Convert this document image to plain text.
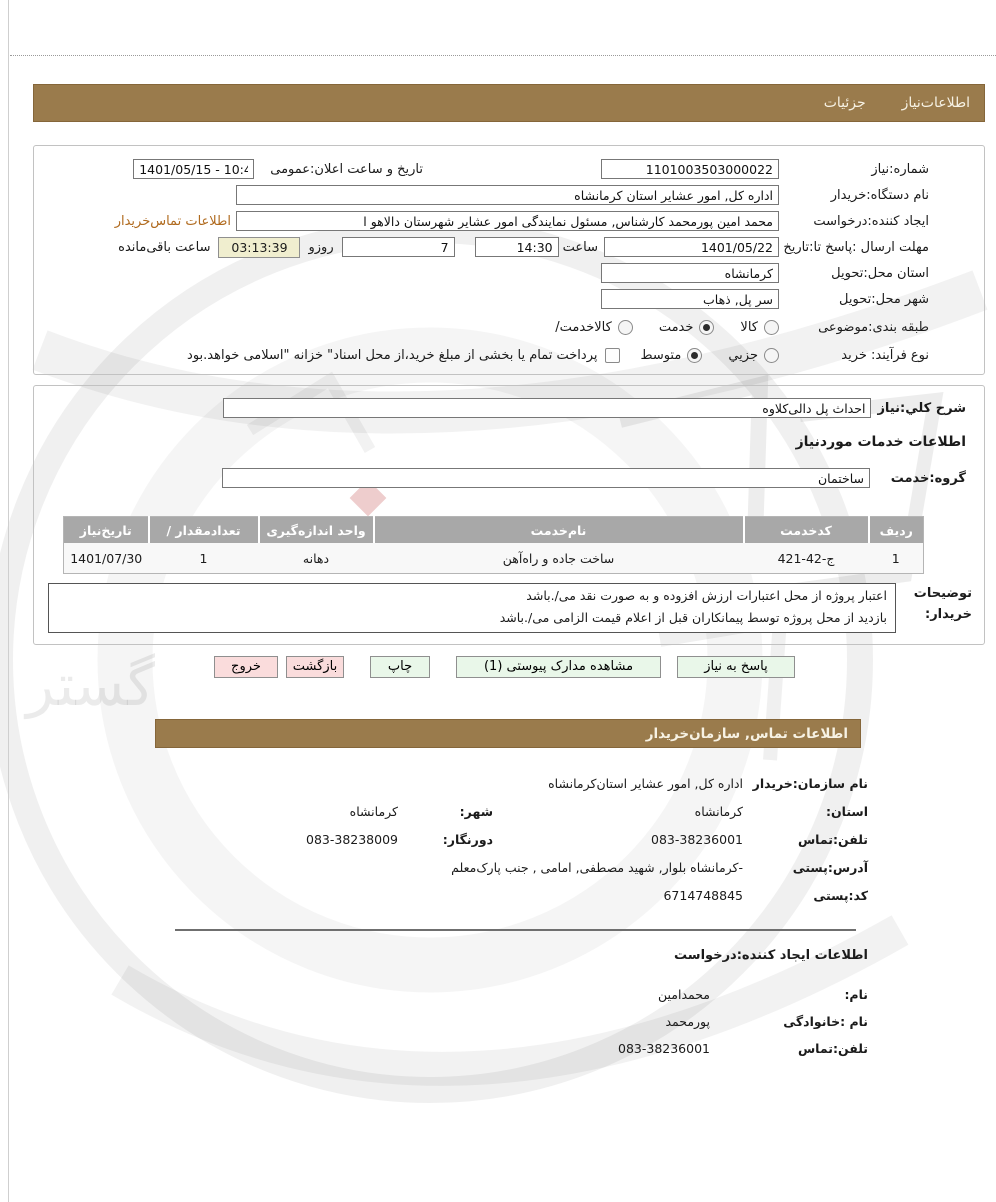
گستر
اطلاعات‌نیاز
جزئیات
شماره:نیاز
1101003503000022
تاریخ و ساعت اعلان:عمومی
1401/05/15 - 10:49
نام دستگاه:خریدار
اداره کل, امور عشایر استان کرمانشاه
ایجاد کننده:درخواست
محمد امین پورمحمد کارشناس, مسئول نمایندگی امور عشایر شهرستان دالاهو ا
اطلاعات تماس‌خریدار
مهلت ارسال :پاسخ تا:تاریخ
1401/05/22
ساعت
14:30
7
روزو
03:13:39
ساعت باقی‌مانده
استان محل:تحویل
کرمانشاه
شهر محل:تحویل
سر پل, ذهاب
طبقه بندی:موضوعی
کالا
خدمت
کالاخدمت/
نوع فرآیند: خرید
جزيي
متوسط
پرداخت تمام یا بخشی از مبلغ خرید،از محل اسناد" خزانه "اسلامی خواهد.بود
شرح کلي:نیاز
احداث پل دالی‌کلاوه
اطلاعات خدمات موردنیاز
گروه:خدمت
ساختمان
ردیف	کدخدمت	نام‌خدمت	واحد اندازه‌گیری	تعدادمقدار /	تاریخ‌نیاز
1	ج-42-421	ساخت جاده و راه‌آهن	دهانه	1	1401/07/30
توضیحات
خریدار:
اعتبار پروژه از محل اعتبارات ارزش افزوده و به صورت نقد می/.باشد
بازدید از محل پروژه توسط پیمانکاران قبل از اعلام قیمت الزامی می/.باشد
پاسخ به نیاز
مشاهده مدارک پیوستی (1)
چاپ
بازگشت
خروج
اطلاعات تماس, سازمان‌خریدار
نام سازمان:خریدار
اداره کل, امور عشایر استان‌کرمانشاه
استان:
کرمانشاه
شهر:
کرمانشاه
تلفن:تماس
083-38236001
دورنگار:
083-38238009
آدرس:پستی
-کرمانشاه بلوار, شهید مصطفی, امامی , جنب پارک‌معلم
کد:پستی
6714748845
اطلاعات ایجاد کننده:درخواست
نام:
محمدامین
نام :خانوادگی
پورمحمد
تلفن:تماس
083-38236001
